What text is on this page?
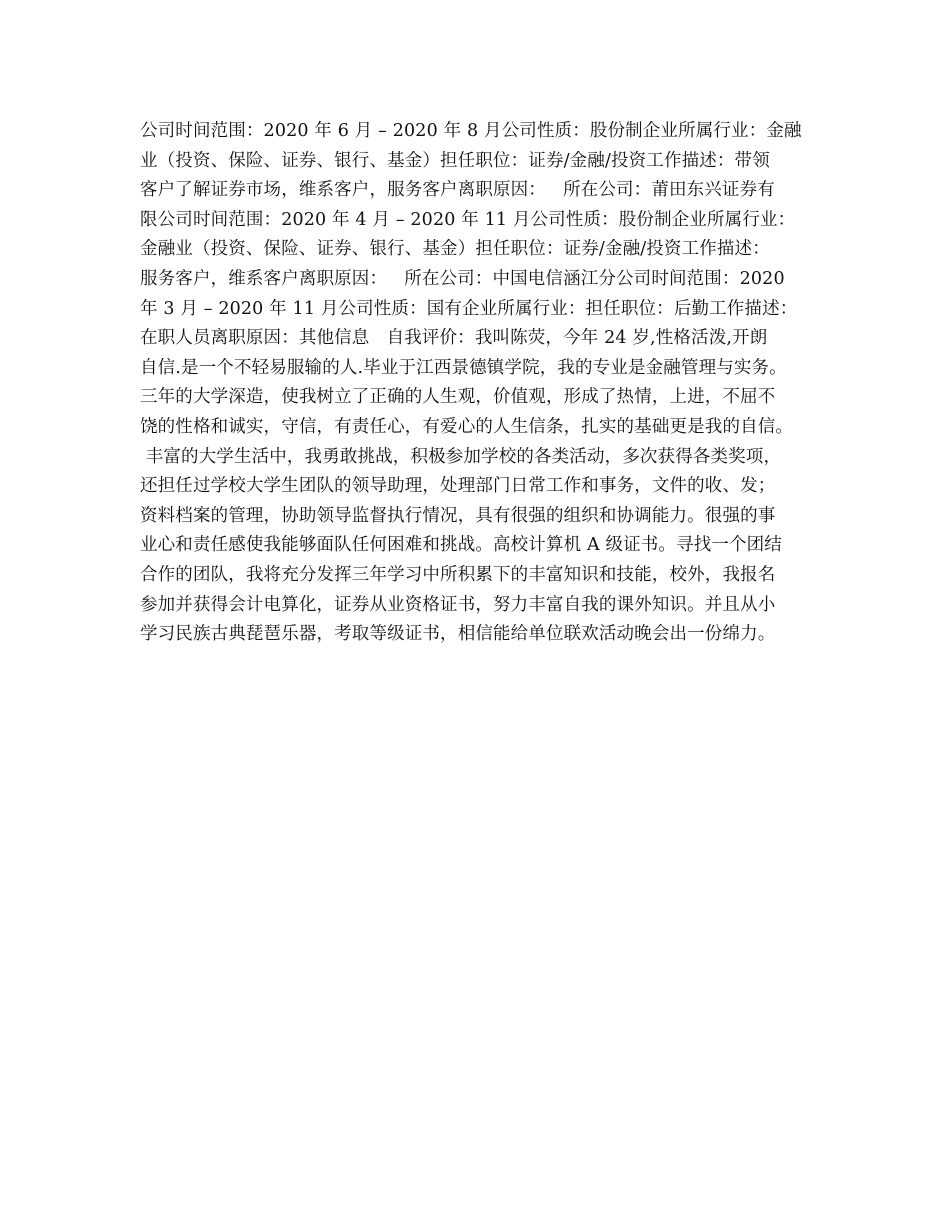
公司时间范围：2020 年 6 月 – 2020 年 8 月公司性质：股份制企业所属行业：金融
业（投资、保险、证券、银行、基金）担任职位：证券/金融/投资工作描述：带领
客户了解证券市场，维系客户，服务客户离职原因：   所在公司：莆田东兴证券有
限公司时间范围：2020 年 4 月 – 2020 年 11 月公司性质：股份制企业所属行业：
金融业（投资、保险、证券、银行、基金）担任职位：证券/金融/投资工作描述：
服务客户，维系客户离职原因：   所在公司：中国电信涵江分公司时间范围：2020
年 3 月 – 2020 年 11 月公司性质：国有企业所属行业：担任职位：后勤工作描述：
在职人员离职原因：其他信息   自我评价：我叫陈荧，今年 24 岁,性格活泼,开朗
自信.是一个不轻易服输的人.毕业于江西景德镇学院，我的专业是金融管理与实务。
三年的大学深造，使我树立了正确的人生观，价值观，形成了热情，上进，不屈不
饶的性格和诚实，守信，有责任心，有爱心的人生信条，扎实的基础更是我的自信。
丰富的大学生活中，我勇敢挑战，积极参加学校的各类活动，多次获得各类奖项，
还担任过学校大学生团队的领导助理，处理部门日常工作和事务，文件的收、发；
资料档案的管理，协助领导监督执行情况，具有很强的组织和协调能力。很强的事
业心和责任感使我能够面队任何困难和挑战。高校计算机 A 级证书。寻找一个团结
合作的团队，我将充分发挥三年学习中所积累下的丰富知识和技能，校外，我报名
参加并获得会计电算化，证券从业资格证书，努力丰富自我的课外知识。并且从小
学习民族古典琵琶乐器，考取等级证书，相信能给单位联欢活动晚会出一份绵力。
